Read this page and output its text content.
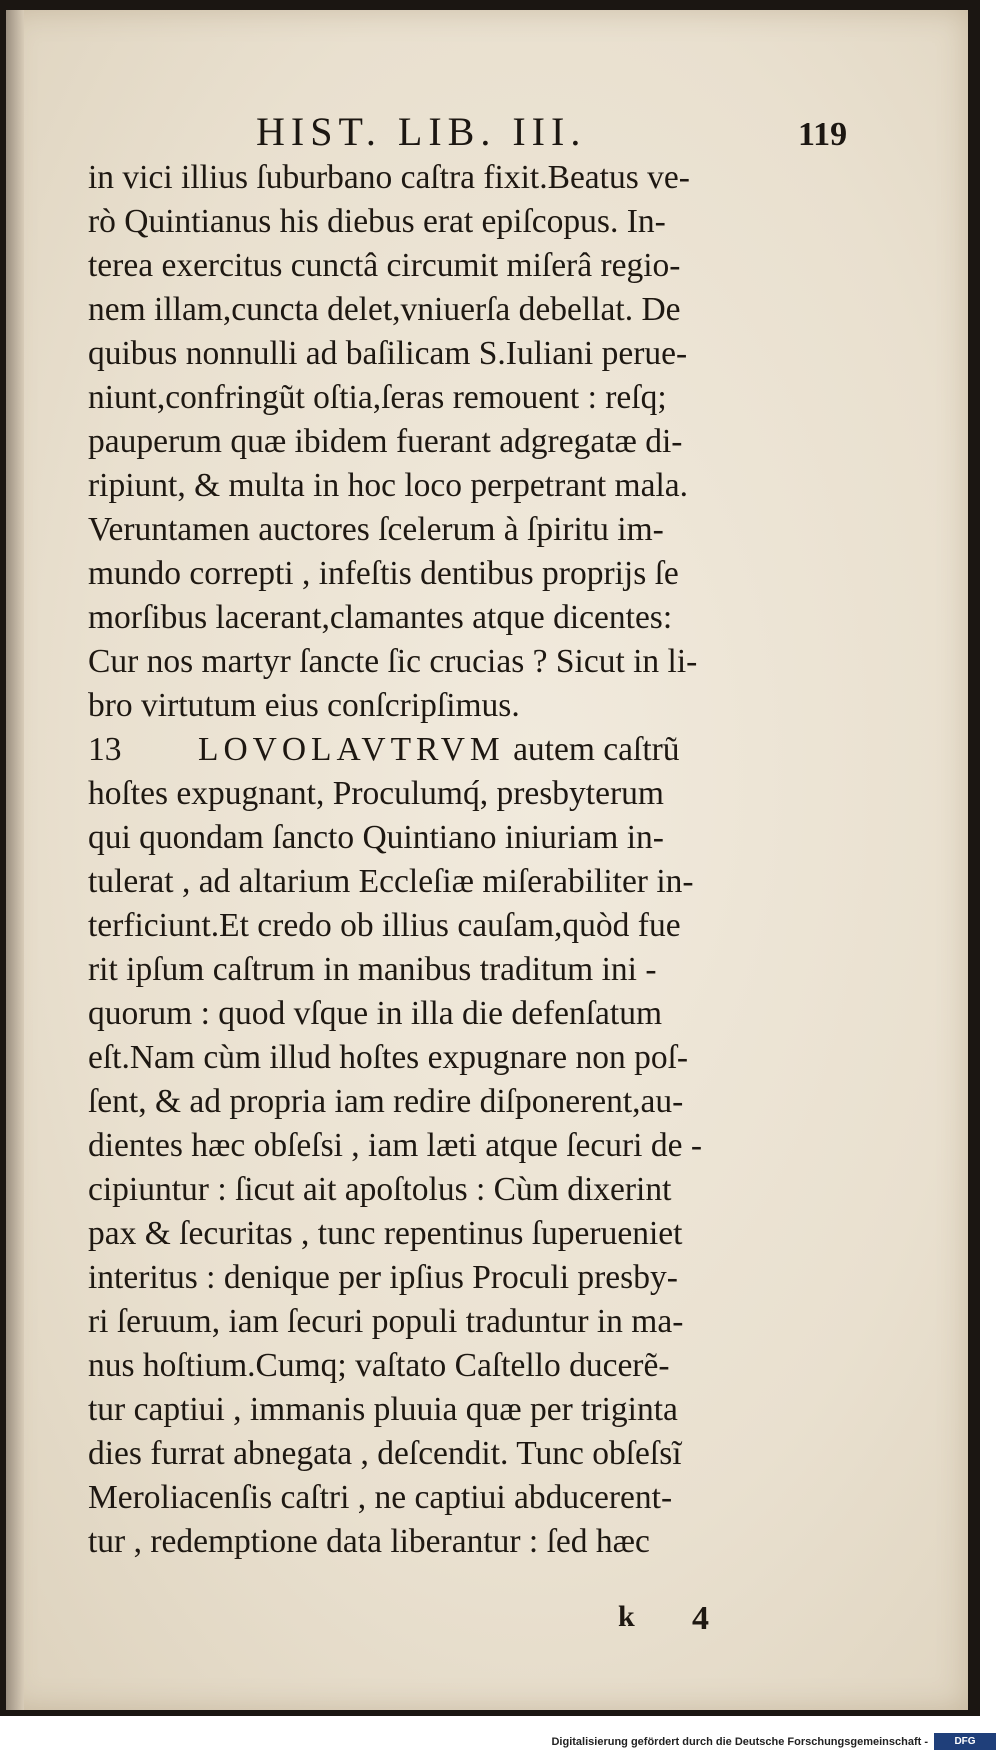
HIST. LIB. III.	119
in vici illius ſuburbano caſtra fixit.Beatus ve-
rò Quintianus his diebus erat epiſcopus. In-
terea exercitus cunctâ circumit miſerâ regio-
nem illam,cuncta delet,vniuerſa debellat. De
quibus nonnulli ad baſilicam S.Iuliani perue-
niunt,confringũt oſtia,ſeras remouent : reſq;
pauperum quæ ibidem fuerant adgregatæ di-
ripiunt, & multa in hoc loco perpetrant mala.
Veruntamen auctores ſcelerum à ſpiritu im-
mundo correpti , infeſtis dentibus proprijs ſe
morſibus lacerant,clamantes atque dicentes:
Cur nos martyr ſancte ſic crucias ? Sicut in li-
bro virtutum eius conſcripſimus.
13 LOVOLAVTRVM autem caſtrũ
hoſtes expugnant, Proculumq́, presbyterum
qui quondam ſancto Quintiano iniuriam in-
tulerat , ad altarium Eccleſiæ miſerabiliter in-
terficiunt.Et credo ob illius cauſam,quòd fue
rit ipſum caſtrum in manibus traditum ini -
quorum : quod vſque in illa die defenſatum
eſt.Nam cùm illud hoſtes expugnare non poſ-
ſent, & ad propria iam redire diſponerent,au-
dientes hæc obſeſsi , iam læti atque ſecuri de -
cipiuntur : ſicut ait apoſtolus : Cùm dixerint
pax & ſecuritas , tunc repentinus ſuperueniet
interitus : denique per ipſius Proculi presby-
ri ſeruum, iam ſecuri populi traduntur in ma-
nus hoſtium.Cumq; vaſtato Caſtello ducerẽ-
tur captiui , immanis pluuia quæ per triginta
dies furrat abnegata , deſcendit. Tunc obſeſsĩ
Meroliacenſis caſtri , ne captiui abducerent-
tur , redemptione data liberantur : ſed hæc
k 4
Digitalisierung gefördert durch die Deutsche Forschungsgemeinschaft -	DFG
